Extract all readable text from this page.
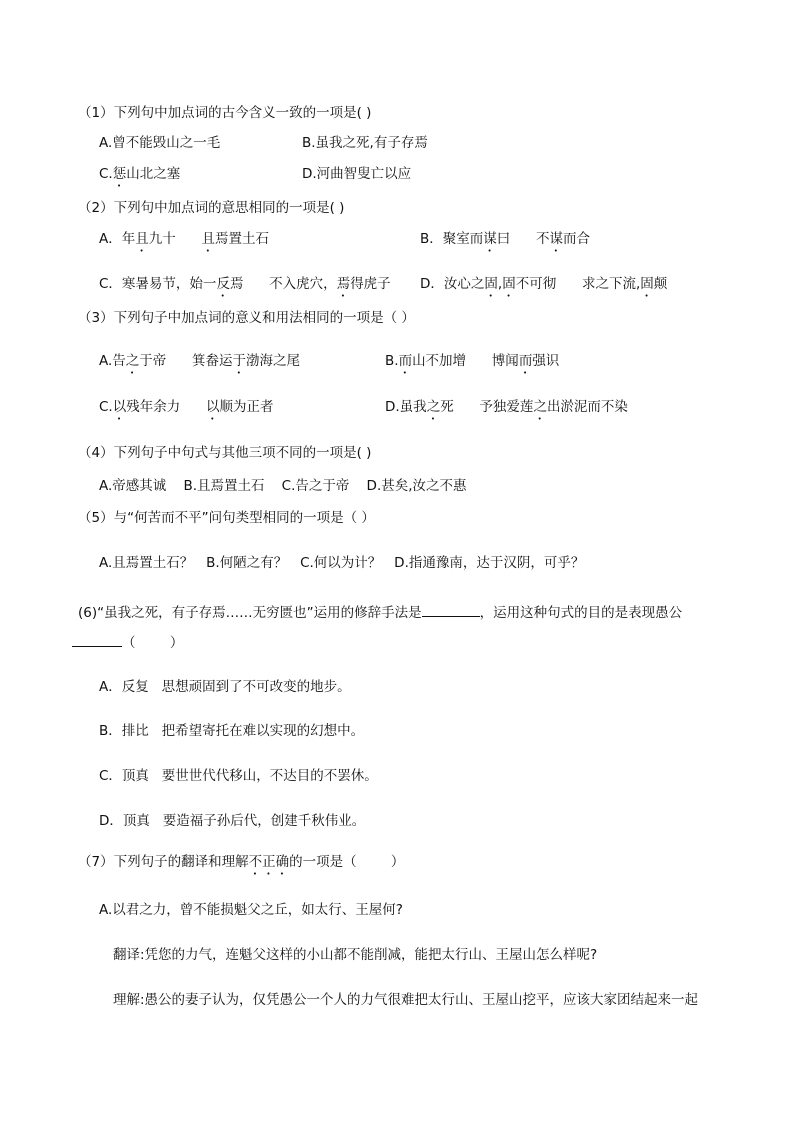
（1）下列句中加点词的古今含义一致的一项是( )
A.曾不能毁山之一毛	B.虽我之死,有子存焉
C.惩山北之塞	D.河曲智叟亡以应
（2）下列句中加点词的意思相同的一项是( )
A．年且九十      且焉置土石	B．聚室而谋曰      不谋而合
C．寒暑易节，始一反焉      不入虎穴，焉得虎子 D．汝心之固,固不可彻      求之下流,固颠
（3）下列句子中加点词的意义和用法相同的一项是（ ）
A.告之于帝      箕畚运于渤海之尾	B.而山不加增      博闻而强识
C.以残年余力      以顺为正者	D.虽我之死      予独爱莲之出淤泥而不染
（4）下列句子中句式与其他三项不同的一项是( )
A.帝感其诚    B.且焉置土石    C.告之于帝    D.甚矣,汝之不惠
（5）与“何苦而不平”问句类型相同的一项是（ ）
A.且焉置土石？   B.何陋之有？   C.何以为计？   D.指通豫南，达于汉阴，可乎？
(6)“虽我之死，有子存焉……无穷匮也”运用的修辞手法是	，运用这种句式的目的是表现愚公
（        ）
A．反复   思想顽固到了不可改变的地步。
B．排比   把希望寄托在难以实现的幻想中。
C．顶真   要世世代代移山，不达目的不罢休。
D．顶真   要造福子孙后代，创建千秋伟业。
（7）下列句子的翻译和理解不正确的一项是（        ）
A.以君之力，曾不能损魁父之丘，如太行、王屋何?
翻译:凭您的力气，连魁父这样的小山都不能削减，能把太行山、王屋山怎么样呢?
理解:愚公的妻子认为，仅凭愚公一个人的力气很难把太行山、王屋山挖平，应该大家团结起来一起
